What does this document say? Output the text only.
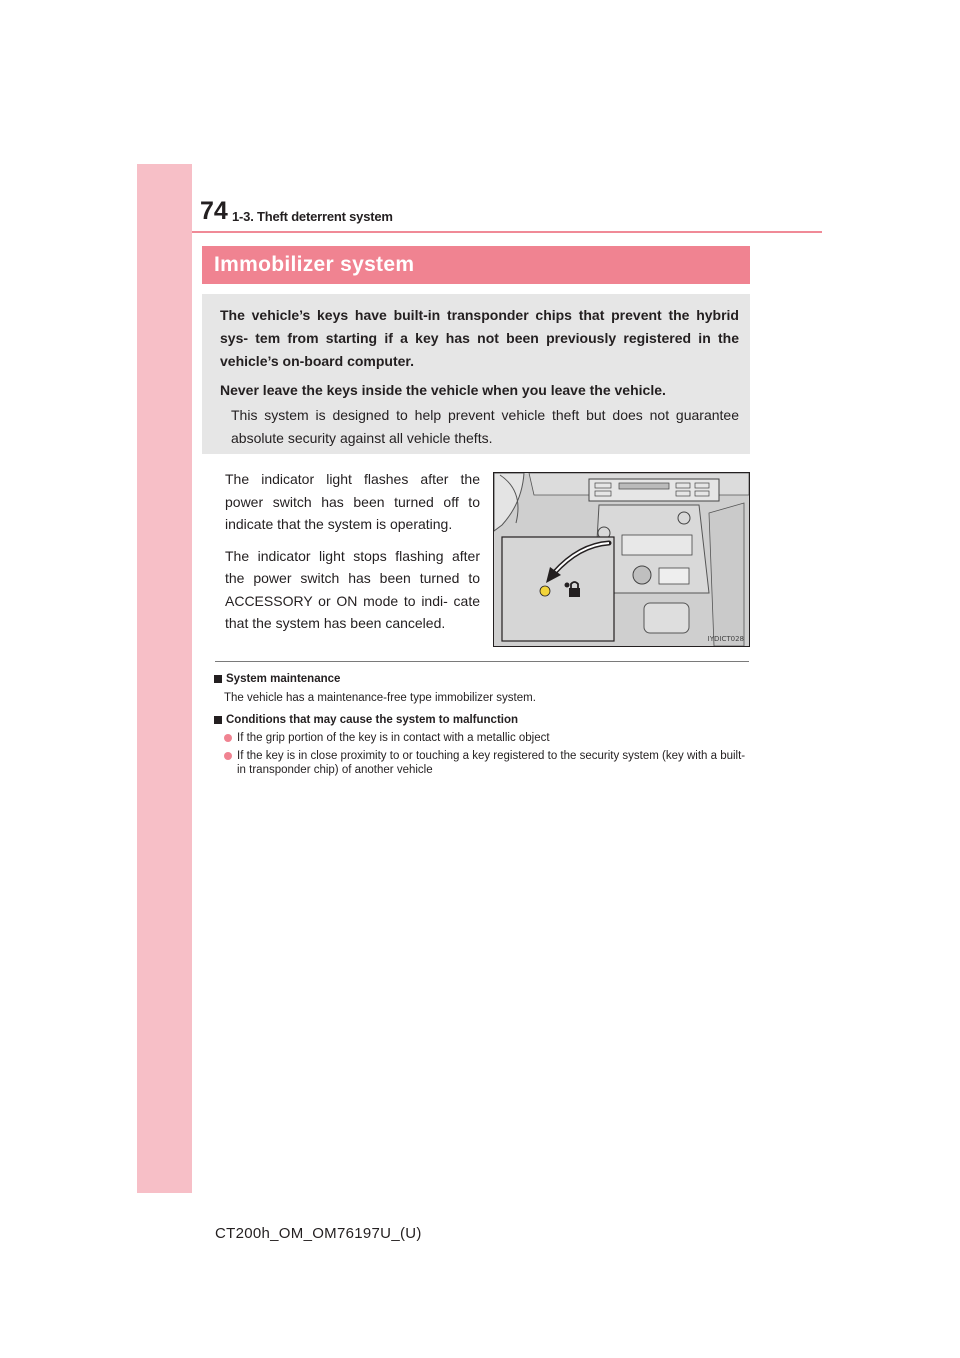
74 1-3. Theft deterrent system
Immobilizer system

The vehicle’s keys have built-in transponder chips that prevent the hybrid sys- tem from starting if a key has not been previously registered in the vehicle’s on-board computer.

Never leave the keys inside the vehicle when you leave the vehicle.

This system is designed to help prevent vehicle theft but does not guarantee absolute security against all vehicle thefts.

The indicator light flashes after the power switch has been turned off to indicate that the system is operating.

The indicator light stops flashing after the power switch has been turned to ACCESSORY or ON mode to indi- cate that the system has been canceled.

IYDICT028
System maintenance
The vehicle has a maintenance-free type immobilizer system.
Conditions that may cause the system to malfunction
If the grip portion of the key is in contact with a metallic object
If the key is in close proximity to or touching a key registered to the security system (key with a built-in transponder chip) of another vehicle
CT200h_OM_OM76197U_(U)
